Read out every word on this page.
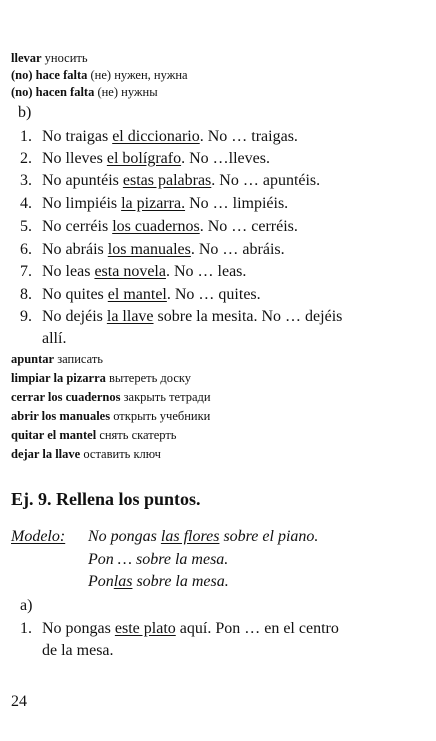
llevar уносить
(no) hace falta (не) нужен, нужна
(no) hacen falta (не) нужны
b)
1. No traigas el diccionario. No … traigas.
2. No lleves el bolígrafo. No …lleves.
3. No apuntéis estas palabras. No … apuntéis.
4. No limpiéis la pizarra. No … limpiéis.
5. No cerréis los cuadernos. No … cerréis.
6. No abráis los manuales. No … abráis.
7. No leas esta novela. No … leas.
8. No quites el mantel. No … quites.
9. No dejéis la llave sobre la mesita. No … dejéis
allí.
apuntar записать
limpiar la pizarra вытереть доску
cerrar los cuadernos закрыть тетради
abrir los manuales открыть учебники
quitar el mantel снять скатерть
dejar la llave оставить ключ
Ej. 9. Rellena los puntos.
Modelo: No pongas las flores sobre el piano.
Pon … sobre la mesa.
Ponlas sobre la mesa.
a)
1. No pongas este plato aquí. Pon … en el centro
de la mesa.
24
